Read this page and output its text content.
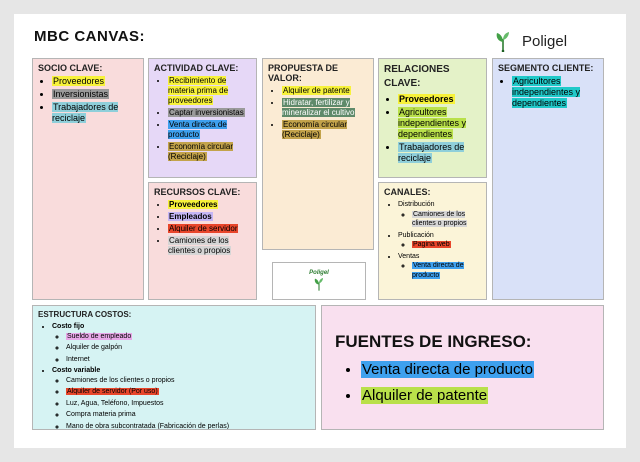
MBC CANVAS:	Poligel
SOCIO CLAVE:
• Proveedores
• Inversionistas
• Trabajadores de reciclaje
ACTIVIDAD CLAVE:
• Recibimiento de materia prima de proveedores
• Captar inversionistas
• Venta directa de producto
• Economía circular (Reciclaje)
PROPUESTA DE VALOR:
• Alquiler de patente
• Hidratar, fertilizar y mineralizar el cultivo
• Economía circular (Reciclaje)
RELACIONES CLAVE:
• Proveedores
• Agricultores independientes y dependientes
• Trabajadores de reciclaje
SEGMENTO CLIENTE:
• Agricultores independientes y dependientes
RECURSOS CLAVE:
• Proveedores
• Empleados
• Alquiler de servidor
• Camiones de los clientes o propios
CANALES:
• Distribución
◦ Camiones de los clientes o propios
• Publicación
◦ Pagina web
• Ventas
◦ Venta directa de producto
Poligel
ESTRUCTURA COSTOS:
• Costo fijo
◦ Sueldo de empleado
◦ Alquiler de galpón
◦ Internet
• Costo variable
◦ Camiones de los clientes o propios
◦ Alquiler de servidor (Por uso)
◦ Luz, Agua, Teléfono, Impuestos
◦ Compra materia prima
◦ Mano de obra subcontratada (Fabricación de perlas)
FUENTES DE INGRESO:
• Venta directa de producto
• Alquiler de patente
